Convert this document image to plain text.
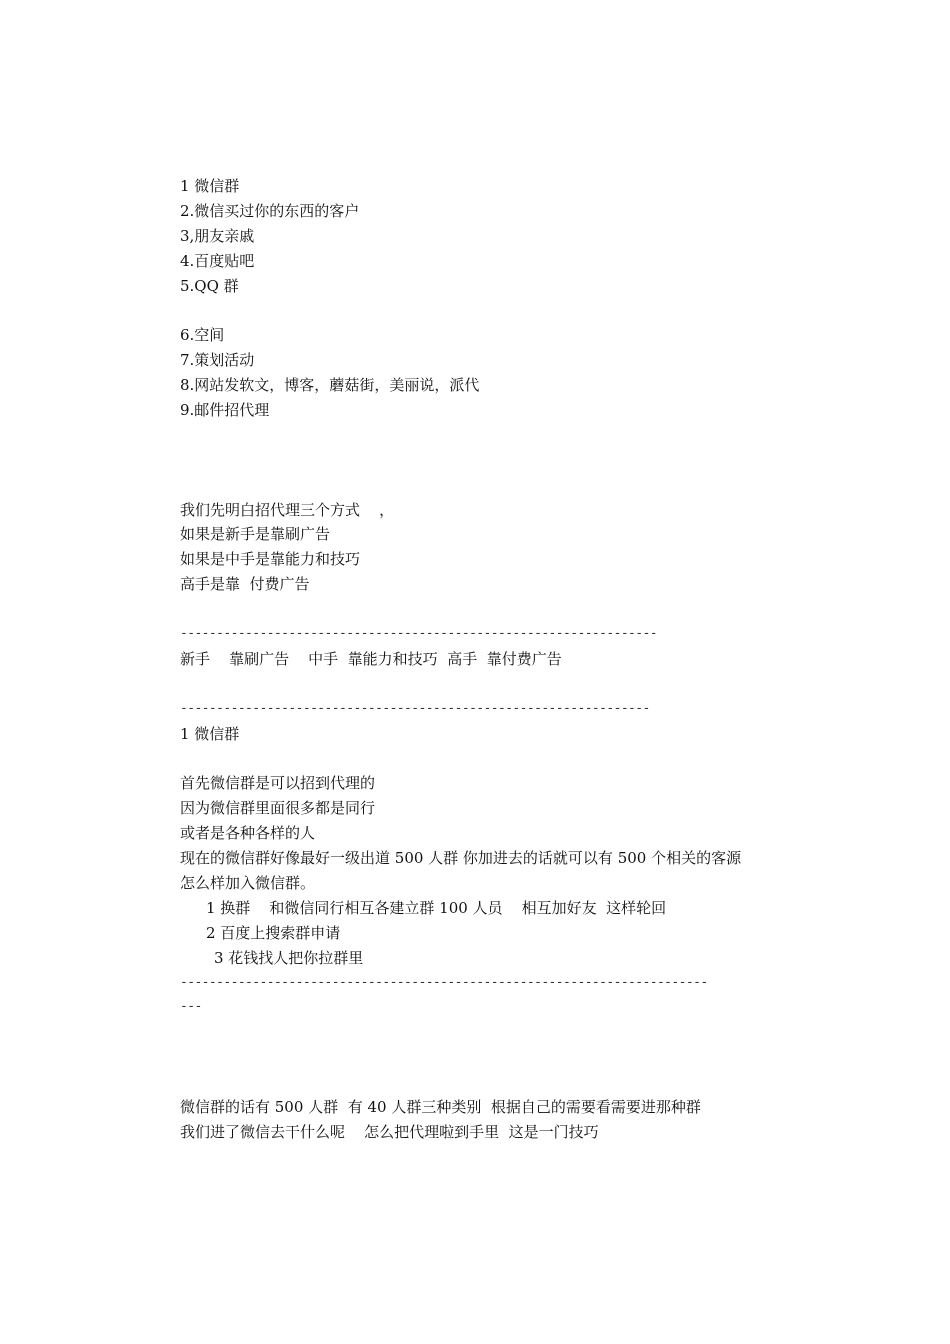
1 微信群
2.微信买过你的东西的客户
3,朋友亲戚
4.百度贴吧
5.QQ 群
6.空间
7.策划活动
8.网站发软文，博客，蘑菇街，美丽说，派代
9.邮件招代理
我们先明白招代理三个方式    ，
如果是新手是靠刷广告
如果是中手是靠能力和技巧
高手是靠  付费广告
------------------------------------------------------------------
新手    靠刷广告    中手  靠能力和技巧  高手  靠付费广告
-----------------------------------------------------------------
1 微信群
首先微信群是可以招到代理的
因为微信群里面很多都是同行
或者是各种各样的人
现在的微信群好像最好一级出道 500 人群 你加进去的话就可以有 500 个相关的客源
怎么样加入微信群。
1 换群    和微信同行相互各建立群 100 人员    相互加好友  这样轮回
2 百度上搜索群申请
3 花钱找人把你拉群里
-------------------------------------------------------------------------
---
微信群的话有 500 人群  有 40 人群三种类别  根据自己的需要看需要进那种群
我们进了微信去干什么呢    怎么把代理啦到手里  这是一门技巧
